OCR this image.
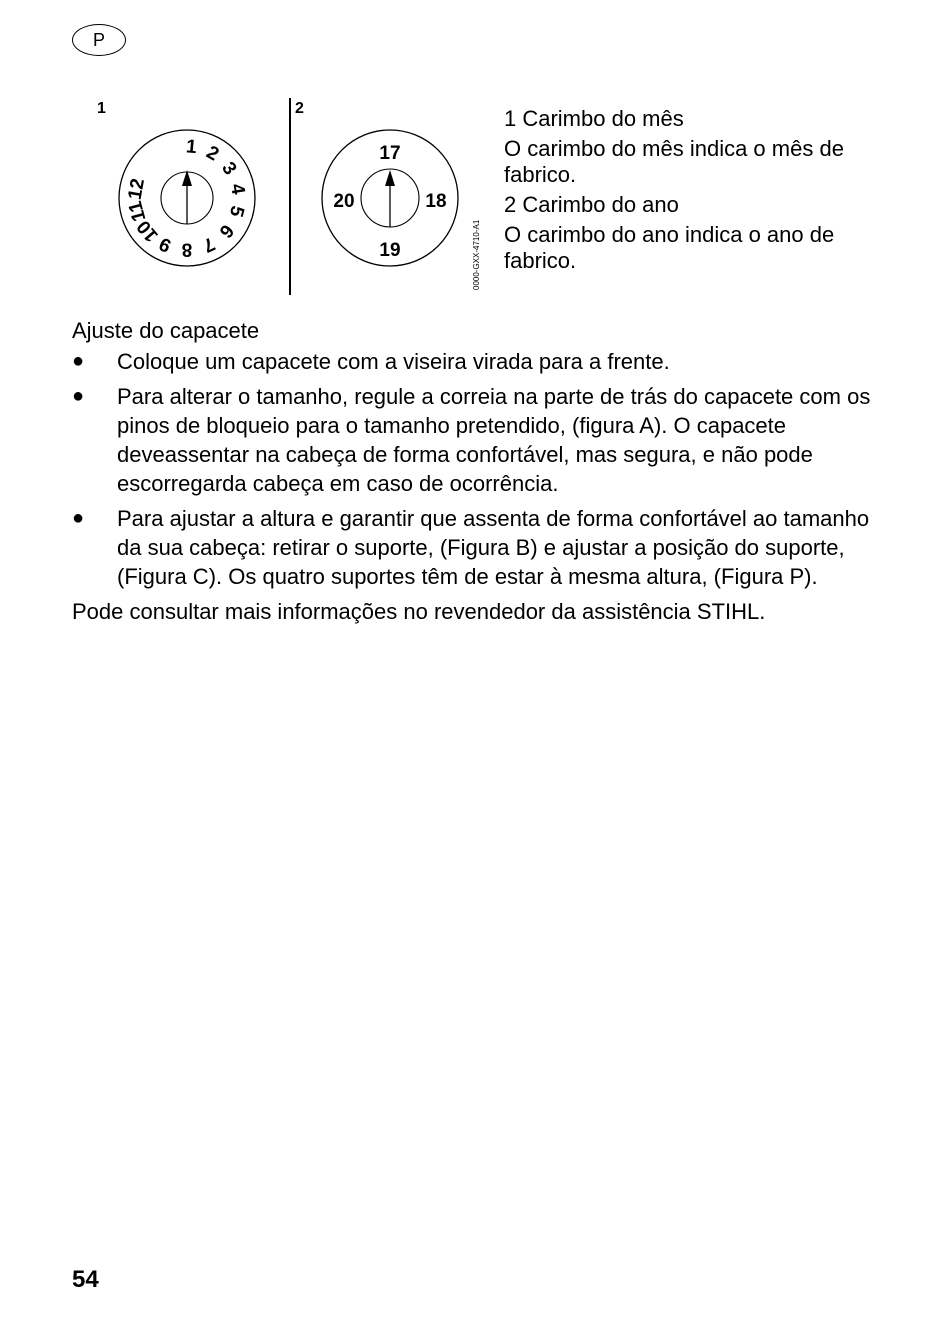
P
1	2
1 2
3
4
5
6
7
8
9
10
11
12
17
18
19
20
0000-GXX-4710-A1

1 Carimbo do mês

O carimbo do mês indica o mês de fabrico.

2 Carimbo do ano

O carimbo do ano indica o ano de fabrico.

Ajuste do capacete

● Coloque um capacete com a viseira virada para a frente.
● Para alterar o tamanho, regule a correia na parte de trás do capacete com os pinos de bloqueio para o tamanho pretendido, (figura A). O capacete deveassentar na cabeça de forma confortável, mas segura, e não pode escorregarda cabeça em caso de ocorrência.
● Para ajustar a altura e garantir que assenta de forma confortável ao tamanho da sua cabeça: retirar o suporte, (Figura B) e ajustar a posição do suporte, (Figura C). Os quatro suportes têm de estar à mesma altura, (Figura P).

Pode consultar mais informações no revendedor da assistência STIHL.

54
